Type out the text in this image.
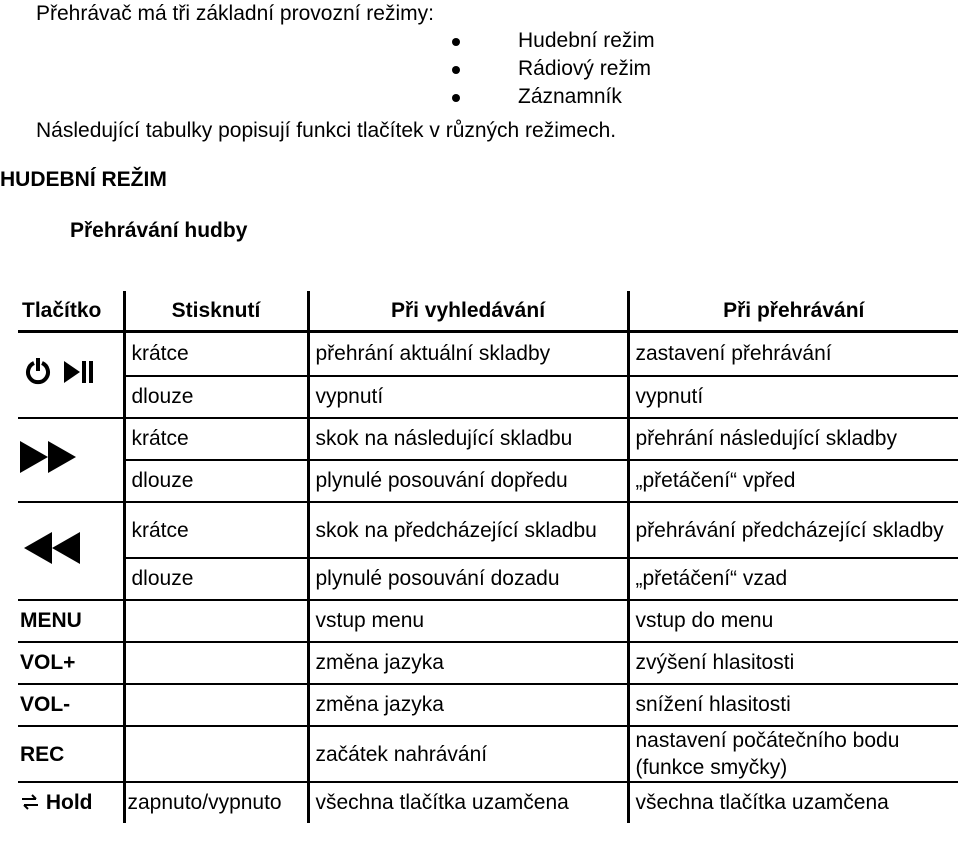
Přehrávač má tři základní provozní režimy:
Hudební režim
Rádiový režim
Záznamník
Následující tabulky popisují funkci tlačítek v různých režimech.
HUDEBNÍ REŽIM
Přehrávání hudby
Tlačítko	Stisknutí	Při vyhledávání	Při přehrávání
	krátce	přehrání aktuální skladby	zastavení přehrávání
	dlouze	vypnutí	vypnutí
	krátce	skok na následující skladbu	přehrání následující skladby
	dlouze	plynulé posouvání dopředu	„přetáčení“ vpřed
	krátce	skok na předcházející skladbu	přehrávání předcházející skladby
	dlouze	plynulé posouvání dozadu	„přetáčení“ vzad
MENU		vstup menu	vstup do menu
VOL+		změna jazyka	zvýšení hlasitosti
VOL-		změna jazyka	snížení hlasitosti
REC		začátek nahrávání	nastavení počátečního bodu (funkce smyčky)
Hold	zapnuto/vypnuto	všechna tlačítka uzamčena	všechna tlačítka uzamčena
